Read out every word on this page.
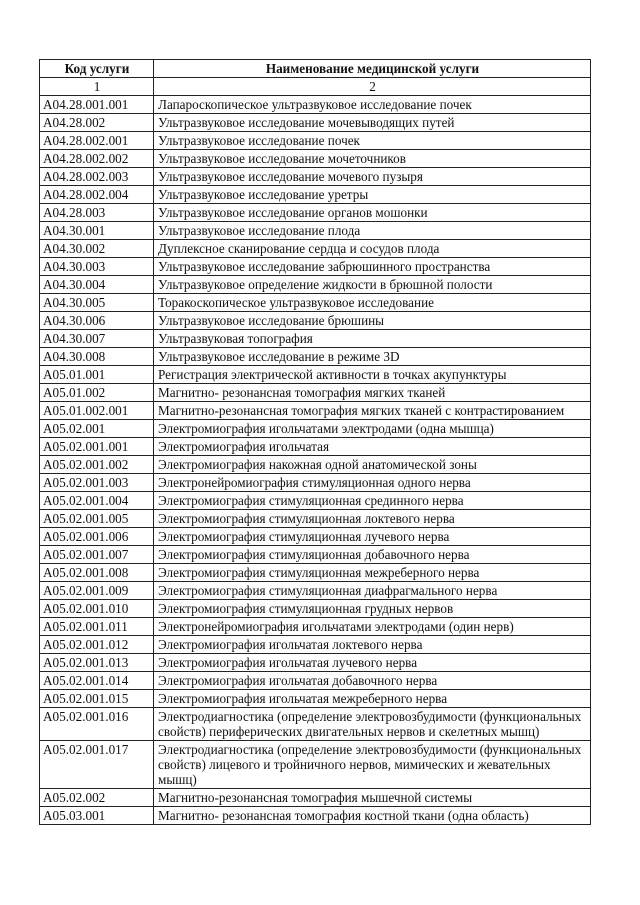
Код услуги	Наименование медицинской услуги
1	2
A04.28.001.001	Лапароскопическое ультразвуковое исследование почек
A04.28.002	Ультразвуковое исследование мочевыводящих путей
A04.28.002.001	Ультразвуковое исследование почек
A04.28.002.002	Ультразвуковое исследование мочеточников
A04.28.002.003	Ультразвуковое исследование мочевого пузыря
A04.28.002.004	Ультразвуковое исследование уретры
A04.28.003	Ультразвуковое исследование органов мошонки
A04.30.001	Ультразвуковое исследование плода
A04.30.002	Дуплексное сканирование сердца и сосудов плода
A04.30.003	Ультразвуковое исследование забрюшинного пространства
A04.30.004	Ультразвуковое определение жидкости в брюшной полости
A04.30.005	Торакоскопическое ультразвуковое исследование
A04.30.006	Ультразвуковое исследование брюшины
A04.30.007	Ультразвуковая топография
A04.30.008	Ультразвуковое исследование в режиме 3D
A05.01.001	Регистрация электрической активности в точках акупунктуры
A05.01.002	Магнитно- резонансная томография мягких тканей
A05.01.002.001	Магнитно-резонансная томография мягких тканей с контрастированием
A05.02.001	Электромиография игольчатами электродами (одна мышца)
A05.02.001.001	Электромиография игольчатая
A05.02.001.002	Электромиография накожная одной анатомической зоны
A05.02.001.003	Электронейромиография стимуляционная одного нерва
A05.02.001.004	Электромиография стимуляционная срединного нерва
A05.02.001.005	Электромиография стимуляционная локтевого нерва
A05.02.001.006	Электромиография стимуляционная лучевого нерва
A05.02.001.007	Электромиография стимуляционная добавочного нерва
A05.02.001.008	Электромиография стимуляционная межреберного нерва
A05.02.001.009	Электромиография стимуляционная диафрагмального нерва
A05.02.001.010	Электромиография стимуляционная грудных нервов
A05.02.001.011	Электронейромиография игольчатами электродами (один нерв)
A05.02.001.012	Электромиография игольчатая локтевого нерва
A05.02.001.013	Электромиография игольчатая лучевого нерва
A05.02.001.014	Электромиография игольчатая добавочного нерва
A05.02.001.015	Электромиография игольчатая межреберного нерва
A05.02.001.016	Электродиагностика (определение электровозбудимости (функциональных свойств) периферических двигательных нервов и скелетных мышц)
A05.02.001.017	Электродиагностика (определение электровозбудимости (функциональных свойств) лицевого и тройничного нервов, мимических и жевательных мышц)
A05.02.002	Магнитно-резонансная томография мышечной системы
A05.03.001	Магнитно- резонансная томография костной ткани (одна область)
